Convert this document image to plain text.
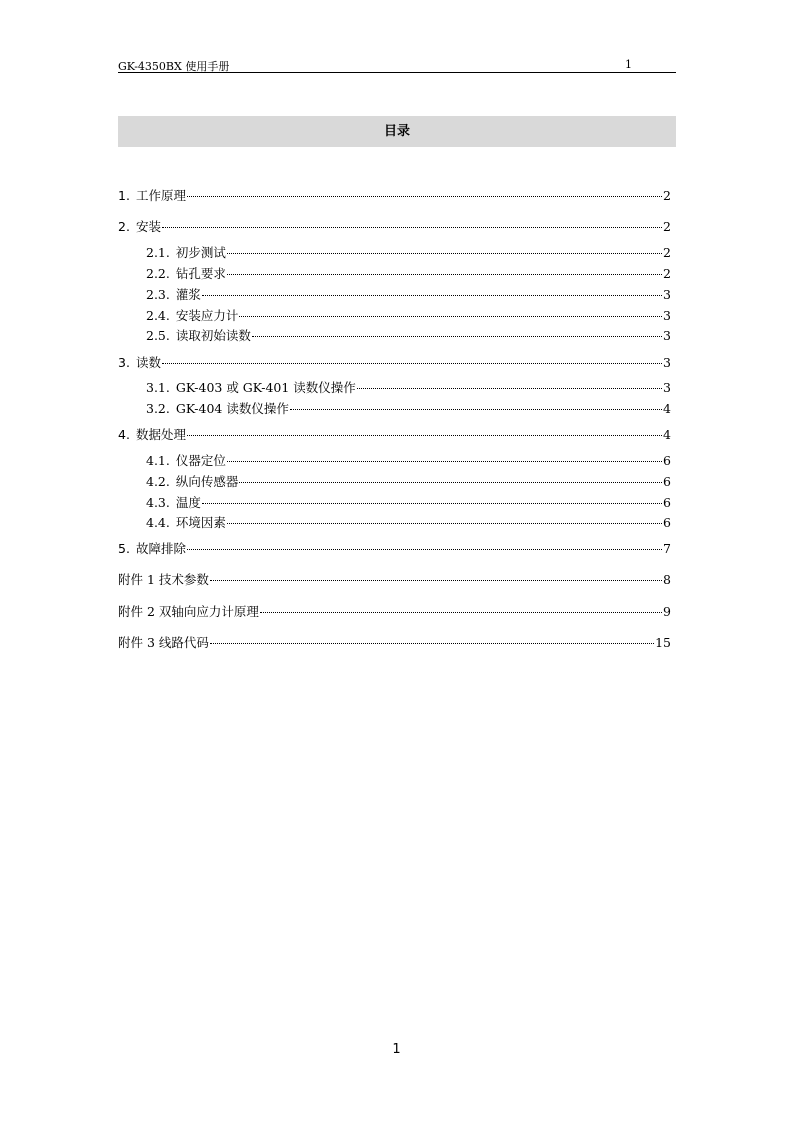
GK-4350BX 使用手册	1
目录
1. 工作原理	2
2. 安装	2
2.1. 初步测试	2
2.2. 钻孔要求	2
2.3. 灌浆	3
2.4. 安装应力计	3
2.5. 读取初始读数	3
3. 读数	3
3.1. GK-403 或 GK-401 读数仪操作	3
3.2. GK-404 读数仪操作	4
4. 数据处理	4
4.1. 仪器定位	6
4.2. 纵向传感器	6
4.3. 温度	6
4.4. 环境因素	6
5. 故障排除	7
附件 1 技术参数	8
附件 2 双轴向应力计原理	9
附件 3 线路代码	15
1
